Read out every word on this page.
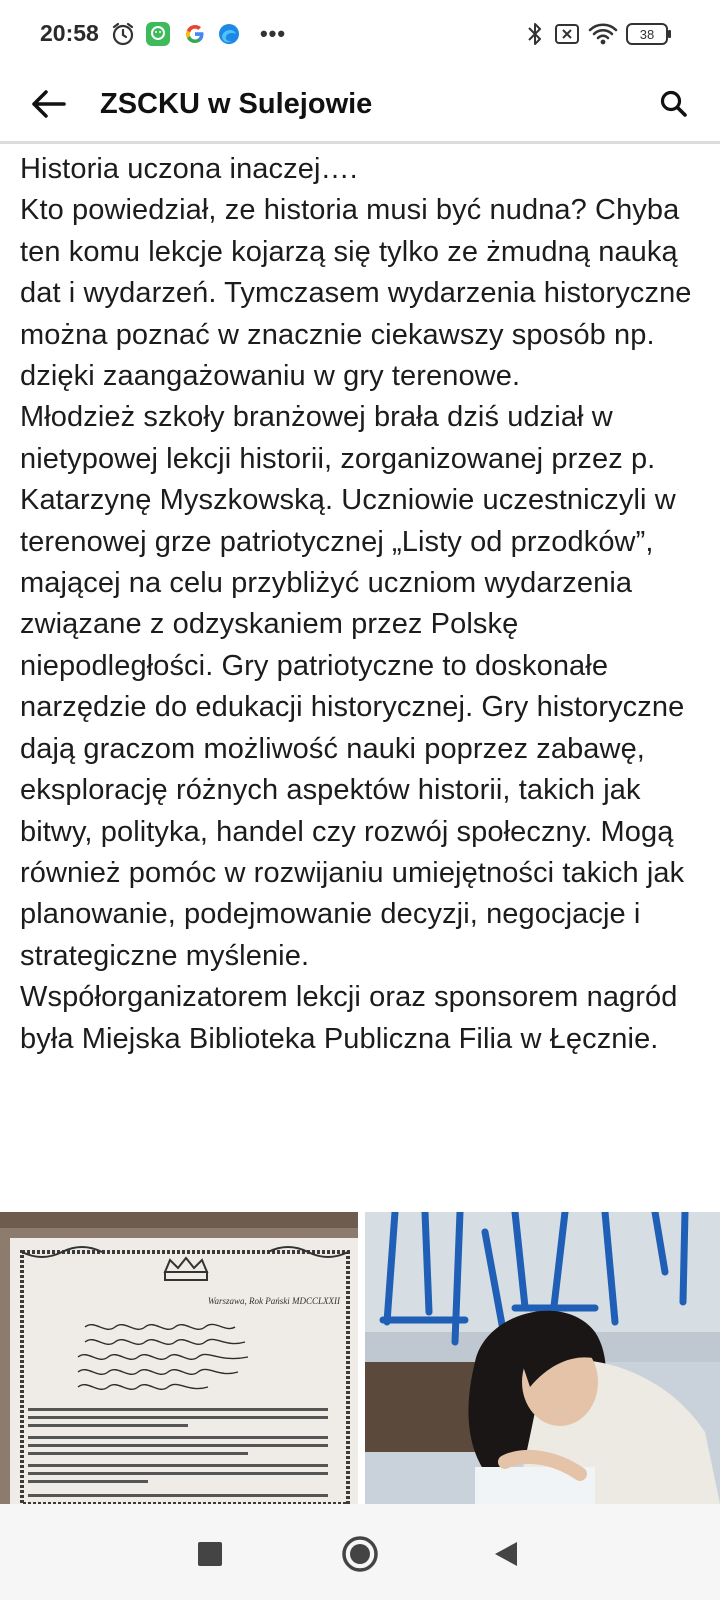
20:58	•••	38
ZSCKU w Sulejowie

Historia uczona inaczej….

Kto powiedział, ze historia musi być nudna? Chyba ten komu lekcje kojarzą się tylko ze żmudną nauką dat i wydarzeń. Tymczasem wydarzenia historyczne można poznać w znacznie ciekawszy sposób np. dzięki zaangażowaniu w gry terenowe.

Młodzież szkoły branżowej brała dziś udział w nietypowej lekcji historii, zorganizowanej przez p. Katarzynę Myszkowską. Uczniowie uczestniczyli w terenowej grze patriotycznej „Listy od przodków”, mającej na celu przybliżyć uczniom wydarzenia związane z odzyskaniem przez Polskę niepodległości. Gry patriotyczne to doskonałe narzędzie do edukacji historycznej. Gry historyczne dają graczom możliwość nauki poprzez zabawę, eksplorację różnych aspektów historii, takich jak bitwy, polityka, handel czy rozwój społeczny. Mogą również pomóc w rozwijaniu umiejętności takich jak planowanie, podejmowanie decyzji, negocjacje i strategiczne myślenie.

Współorganizatorem lekcji oraz sponsorem nagród była Miejska Biblioteka Publiczna Filia w Łęcznie.

Warszawa, Rok Pański MDCCLXXII
